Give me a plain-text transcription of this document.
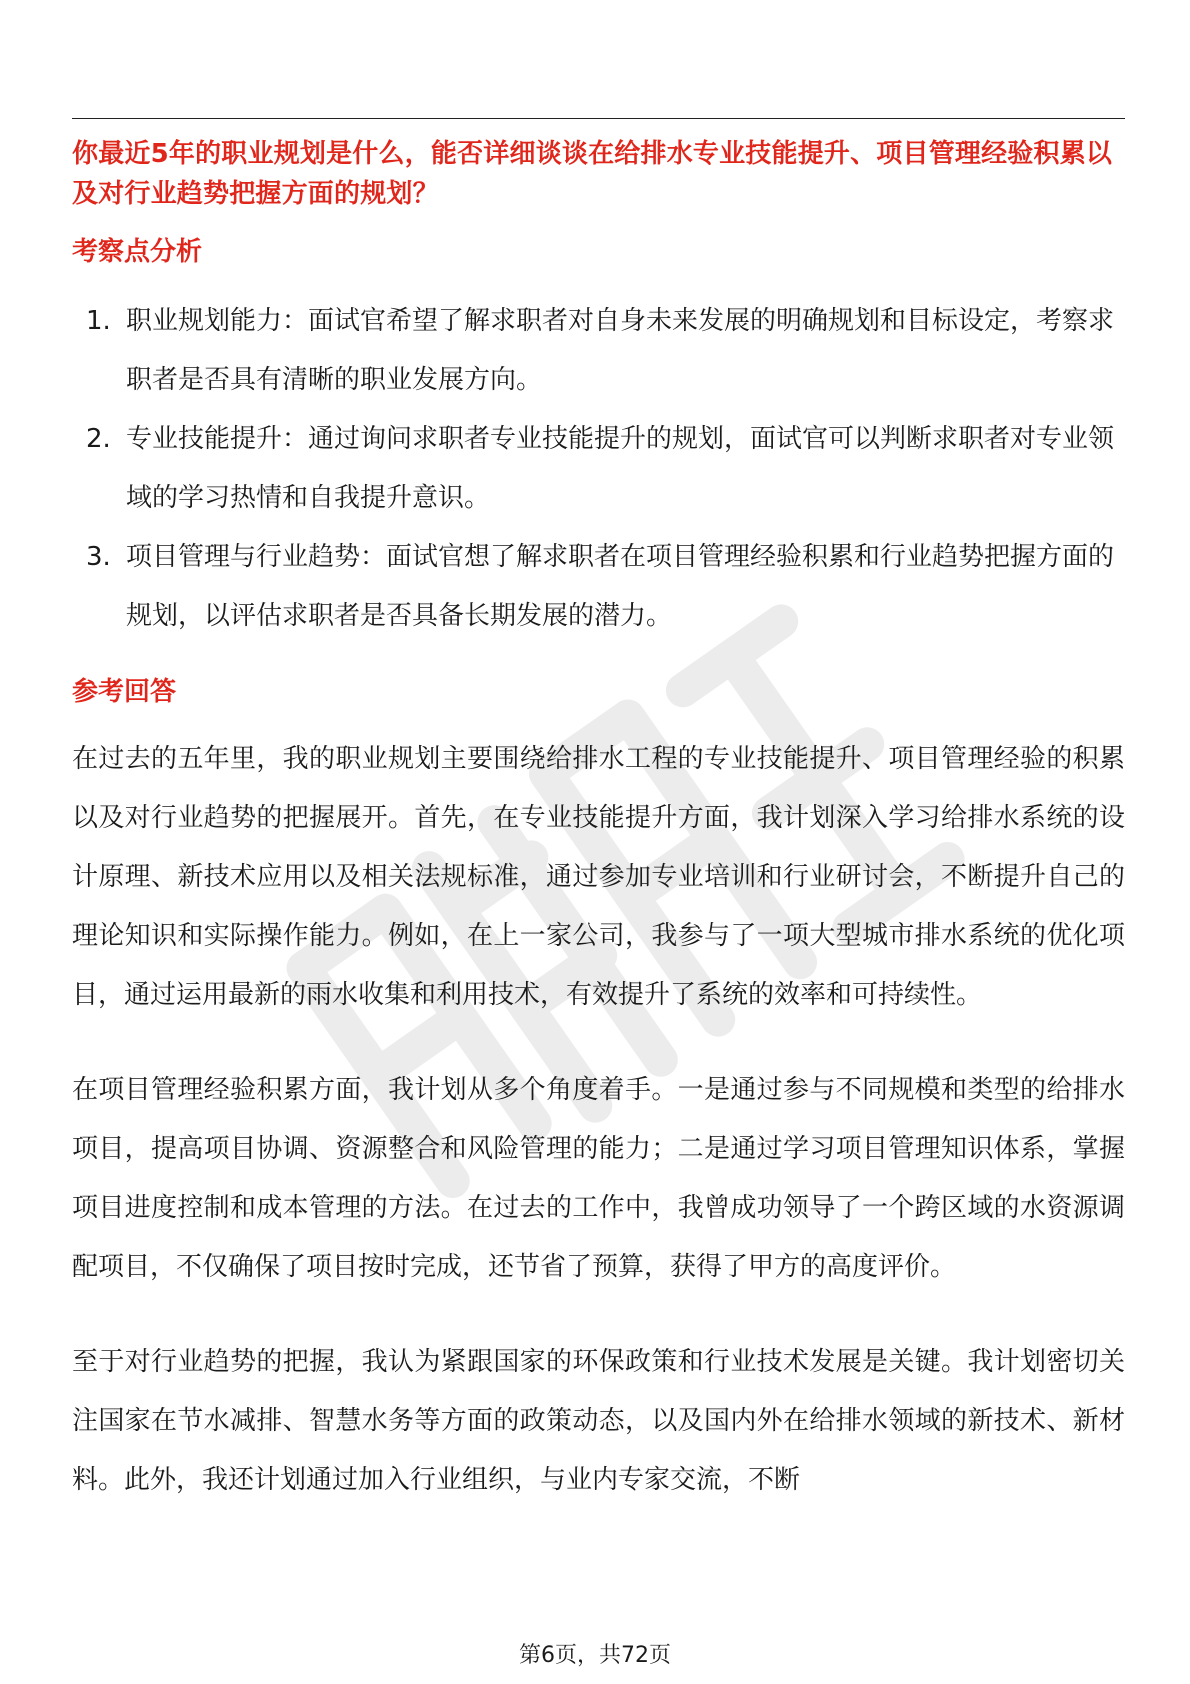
你最近5年的职业规划是什么，能否详细谈谈在给排水专业技能提升、项目管理经验积累以及对行业趋势把握方面的规划？

考察点分析
1. 职业规划能力：面试官希望了解求职者对自身未来发展的明确规划和目标设定，考察求职者是否具有清晰的职业发展方向。
2. 专业技能提升：通过询问求职者专业技能提升的规划，面试官可以判断求职者对专业领域的学习热情和自我提升意识。
3. 项目管理与行业趋势：面试官想了解求职者在项目管理经验积累和行业趋势把握方面的规划，以评估求职者是否具备长期发展的潜力。
参考回答

在过去的五年里，我的职业规划主要围绕给排水工程的专业技能提升、项目管理经验的积累以及对行业趋势的把握展开。首先，在专业技能提升方面，我计划深入学习给排水系统的设计原理、新技术应用以及相关法规标准，通过参加专业培训和行业研讨会，不断提升自己的理论知识和实际操作能力。例如，在上一家公司，我参与了一项大型城市排水系统的优化项目，通过运用最新的雨水收集和利用技术，有效提升了系统的效率和可持续性。

在项目管理经验积累方面，我计划从多个角度着手。一是通过参与不同规模和类型的给排水项目，提高项目协调、资源整合和风险管理的能力；二是通过学习项目管理知识体系，掌握项目进度控制和成本管理的方法。在过去的工作中，我曾成功领导了一个跨区域的水资源调配项目，不仅确保了项目按时完成，还节省了预算，获得了甲方的高度评价。

至于对行业趋势的把握，我认为紧跟国家的环保政策和行业技术发展是关键。我计划密切关注国家在节水减排、智慧水务等方面的政策动态，以及国内外在给排水领域的新技术、新材料。此外，我还计划通过加入行业组织，与业内专家交流，不断

第6页，共72页
